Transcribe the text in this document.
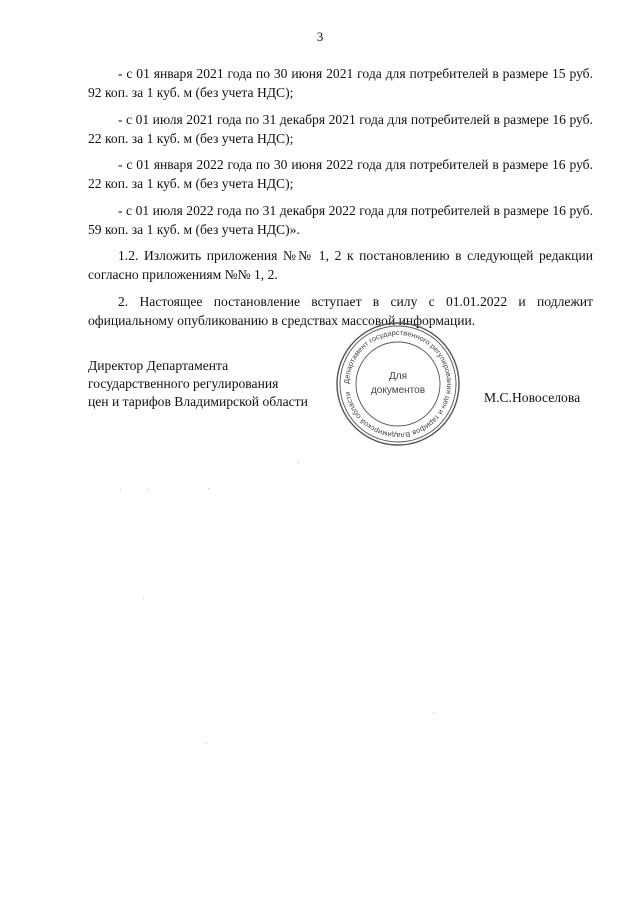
3

- с 01 января 2021 года по 30 июня 2021 года для потребителей в размере 15 руб. 92 коп. за 1 куб. м (без учета НДС);

- с 01 июля 2021 года по 31 декабря 2021 года для потребителей в размере 16 руб. 22 коп. за 1 куб. м (без учета НДС);

- с 01 января 2022 года по 30 июня 2022 года для потребителей в размере 16 руб. 22 коп. за 1 куб. м (без учета НДС);

- с 01 июля 2022 года по 31 декабря 2022 года для потребителей в размере 16 руб. 59 коп. за 1 куб. м (без учета НДС)».

1.2. Изложить приложения №№ 1, 2 к постановлению в следующей редакции согласно приложениям №№ 1, 2.

2. Настоящее постановление вступает в силу с 01.01.2022 и подлежит официальному опубликованию в средствах массовой информации.

Директор Департамента
государственного регулирования
цен и тарифов Владимирской области
Департамент государственного регулирования цен и тарифов Владимирской области
Для
документов	М.С.Новоселова
